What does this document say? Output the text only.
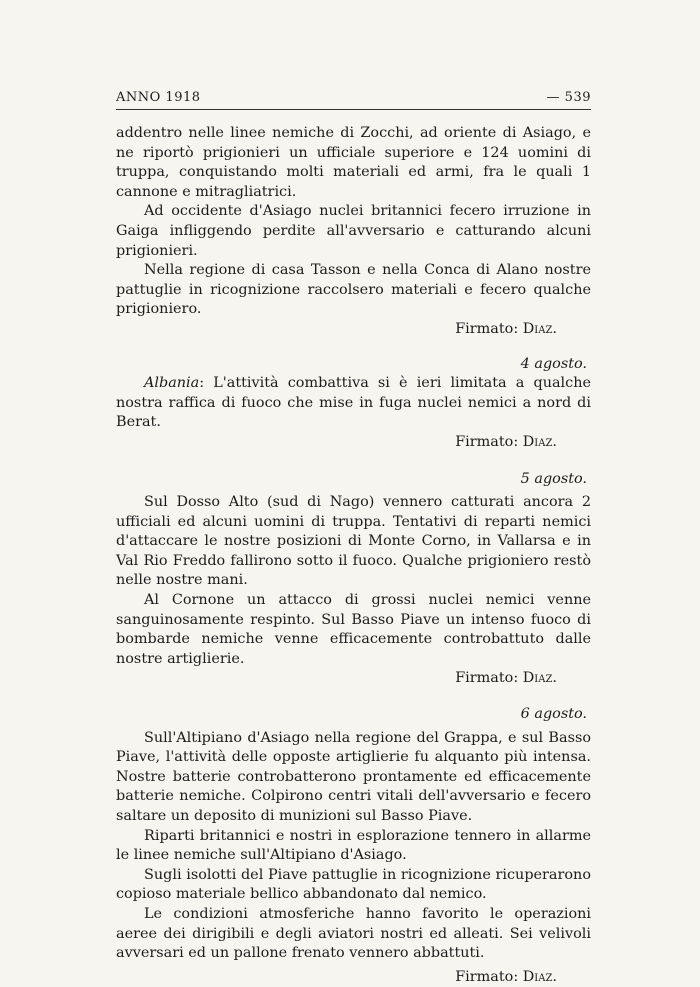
ANNO 1918	— 539

addentro nelle linee nemiche di Zocchi, ad oriente di Asiago, e ne riportò prigionieri un ufficiale superiore e 124 uomini di truppa, conquistando molti materiali ed armi, fra le quali 1 cannone e mitragliatrici.

Ad occidente d'Asiago nuclei britannici fecero irruzione in Gaiga infliggendo perdite all'avversario e catturando alcuni prigionieri.

Nella regione di casa Tasson e nella Conca di Alano nostre pattuglie in ricognizione raccolsero materiali e fecero qualche prigioniero.

Firmato: Diaz.

4 agosto.

Albania: L'attività combattiva si è ieri limitata a qualche nostra raffica di fuoco che mise in fuga nuclei nemici a nord di Berat.

Firmato: Diaz.

5 agosto.

Sul Dosso Alto (sud di Nago) vennero catturati ancora 2 ufficiali ed alcuni uomini di truppa. Tentativi di reparti nemici d'attaccare le nostre posizioni di Monte Corno, in Vallarsa e in Val Rio Freddo fallirono sotto il fuoco. Qualche prigioniero restò nelle nostre mani.

Al Cornone un attacco di grossi nuclei nemici venne sanguinosamente respinto. Sul Basso Piave un intenso fuoco di bombarde nemiche venne efficacemente controbattuto dalle nostre artiglierie.

Firmato: Diaz.

6 agosto.

Sull'Altipiano d'Asiago nella regione del Grappa, e sul Basso Piave, l'attività delle opposte artiglierie fu alquanto più intensa. Nostre batterie controbatterono prontamente ed efficacemente batterie nemiche. Colpirono centri vitali dell'avversario e fecero saltare un deposito di munizioni sul Basso Piave.

Riparti britannici e nostri in esplorazione tennero in allarme le linee nemiche sull'Altipiano d'Asiago.

Sugli isolotti del Piave pattuglie in ricognizione ricuperarono copioso materiale bellico abbandonato dal nemico.

Le condizioni atmosferiche hanno favorito le operazioni aeree dei dirigibili e degli aviatori nostri ed alleati. Sei velivoli avversari ed un pallone frenato vennero abbattuti.

Firmato: Diaz.
